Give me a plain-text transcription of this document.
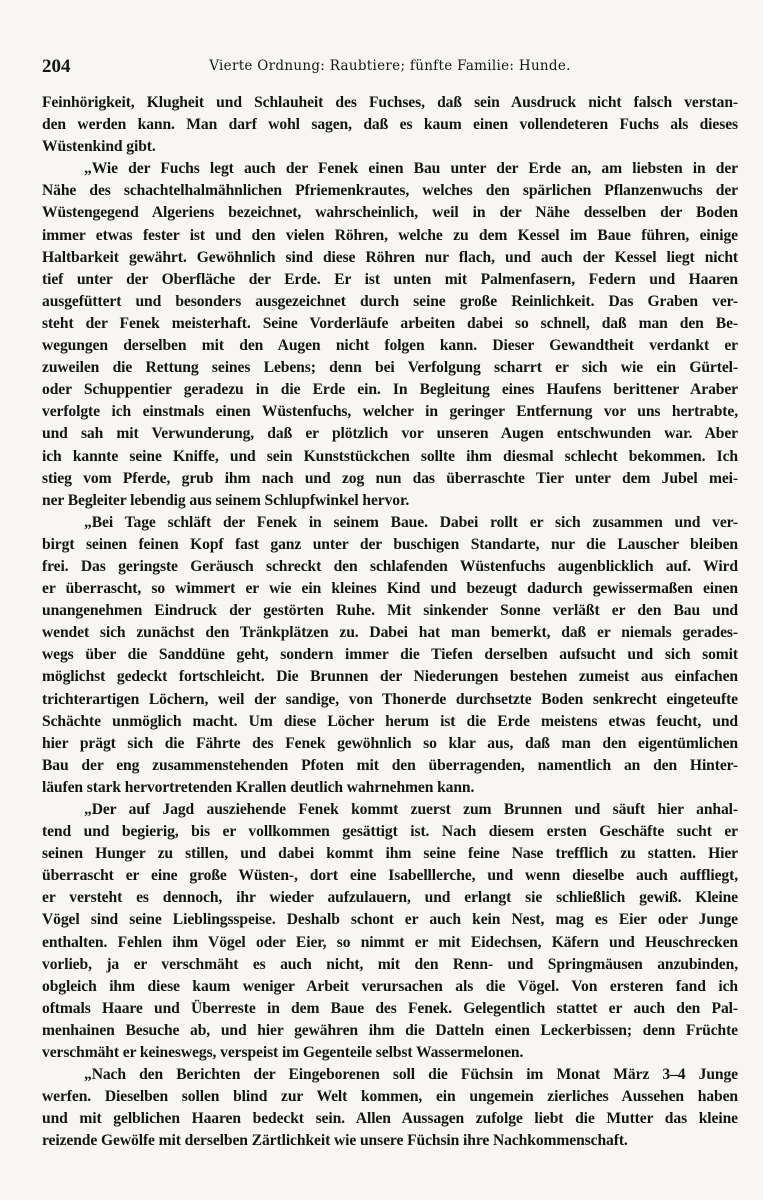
204	Vierte Ordnung: Raubtiere; fünfte Familie: Hunde.
Feinhörigkeit, Klugheit und Schlauheit des Fuchses, daß sein Ausdruck nicht falsch verstan-
den werden kann. Man darf wohl sagen, daß es kaum einen vollendeteren Fuchs als dieses
Wüstenkind gibt.
„Wie der Fuchs legt auch der Fenek einen Bau unter der Erde an, am liebsten in der
Nähe des schachtelhalmähnlichen Pfriemenkrautes, welches den spärlichen Pflanzenwuchs der
Wüstengegend Algeriens bezeichnet, wahrscheinlich, weil in der Nähe desselben der Boden
immer etwas fester ist und den vielen Röhren, welche zu dem Kessel im Baue führen, einige
Haltbarkeit gewährt. Gewöhnlich sind diese Röhren nur flach, und auch der Kessel liegt nicht
tief unter der Oberfläche der Erde. Er ist unten mit Palmenfasern, Federn und Haaren
ausgefüttert und besonders ausgezeichnet durch seine große Reinlichkeit. Das Graben ver-
steht der Fenek meisterhaft. Seine Vorderläufe arbeiten dabei so schnell, daß man den Be-
wegungen derselben mit den Augen nicht folgen kann. Dieser Gewandtheit verdankt er
zuweilen die Rettung seines Lebens; denn bei Verfolgung scharrt er sich wie ein Gürtel-
oder Schuppentier geradezu in die Erde ein. In Begleitung eines Haufens berittener Araber
verfolgte ich einstmals einen Wüstenfuchs, welcher in geringer Entfernung vor uns hertrabte,
und sah mit Verwunderung, daß er plötzlich vor unseren Augen entschwunden war. Aber
ich kannte seine Kniffe, und sein Kunststückchen sollte ihm diesmal schlecht bekommen. Ich
stieg vom Pferde, grub ihm nach und zog nun das überraschte Tier unter dem Jubel mei-
ner Begleiter lebendig aus seinem Schlupfwinkel hervor.
„Bei Tage schläft der Fenek in seinem Baue. Dabei rollt er sich zusammen und ver-
birgt seinen feinen Kopf fast ganz unter der buschigen Standarte, nur die Lauscher bleiben
frei. Das geringste Geräusch schreckt den schlafenden Wüstenfuchs augenblicklich auf. Wird
er überrascht, so wimmert er wie ein kleines Kind und bezeugt dadurch gewissermaßen einen
unangenehmen Eindruck der gestörten Ruhe. Mit sinkender Sonne verläßt er den Bau und
wendet sich zunächst den Tränkplätzen zu. Dabei hat man bemerkt, daß er niemals gerades-
wegs über die Sanddüne geht, sondern immer die Tiefen derselben aufsucht und sich somit
möglichst gedeckt fortschleicht. Die Brunnen der Niederungen bestehen zumeist aus einfachen
trichterartigen Löchern, weil der sandige, von Thonerde durchsetzte Boden senkrecht eingeteufte
Schächte unmöglich macht. Um diese Löcher herum ist die Erde meistens etwas feucht, und
hier prägt sich die Fährte des Fenek gewöhnlich so klar aus, daß man den eigentümlichen
Bau der eng zusammenstehenden Pfoten mit den überragenden, namentlich an den Hinter-
läufen stark hervortretenden Krallen deutlich wahrnehmen kann.
„Der auf Jagd ausziehende Fenek kommt zuerst zum Brunnen und säuft hier anhal-
tend und begierig, bis er vollkommen gesättigt ist. Nach diesem ersten Geschäfte sucht er
seinen Hunger zu stillen, und dabei kommt ihm seine feine Nase trefflich zu statten. Hier
überrascht er eine große Wüsten-, dort eine Isabelllerche, und wenn dieselbe auch auffliegt,
er versteht es dennoch, ihr wieder aufzulauern, und erlangt sie schließlich gewiß. Kleine
Vögel sind seine Lieblingsspeise. Deshalb schont er auch kein Nest, mag es Eier oder Junge
enthalten. Fehlen ihm Vögel oder Eier, so nimmt er mit Eidechsen, Käfern und Heuschrecken
vorlieb, ja er verschmäht es auch nicht, mit den Renn- und Springmäusen anzubinden,
obgleich ihm diese kaum weniger Arbeit verursachen als die Vögel. Von ersteren fand ich
oftmals Haare und Überreste in dem Baue des Fenek. Gelegentlich stattet er auch den Pal-
menhainen Besuche ab, und hier gewähren ihm die Datteln einen Leckerbissen; denn Früchte
verschmäht er keineswegs, verspeist im Gegenteile selbst Wassermelonen.
„Nach den Berichten der Eingeborenen soll die Füchsin im Monat März 3–4 Junge
werfen. Dieselben sollen blind zur Welt kommen, ein ungemein zierliches Aussehen haben
und mit gelblichen Haaren bedeckt sein. Allen Aussagen zufolge liebt die Mutter das kleine
reizende Gewölfe mit derselben Zärtlichkeit wie unsere Füchsin ihre Nachkommenschaft.
